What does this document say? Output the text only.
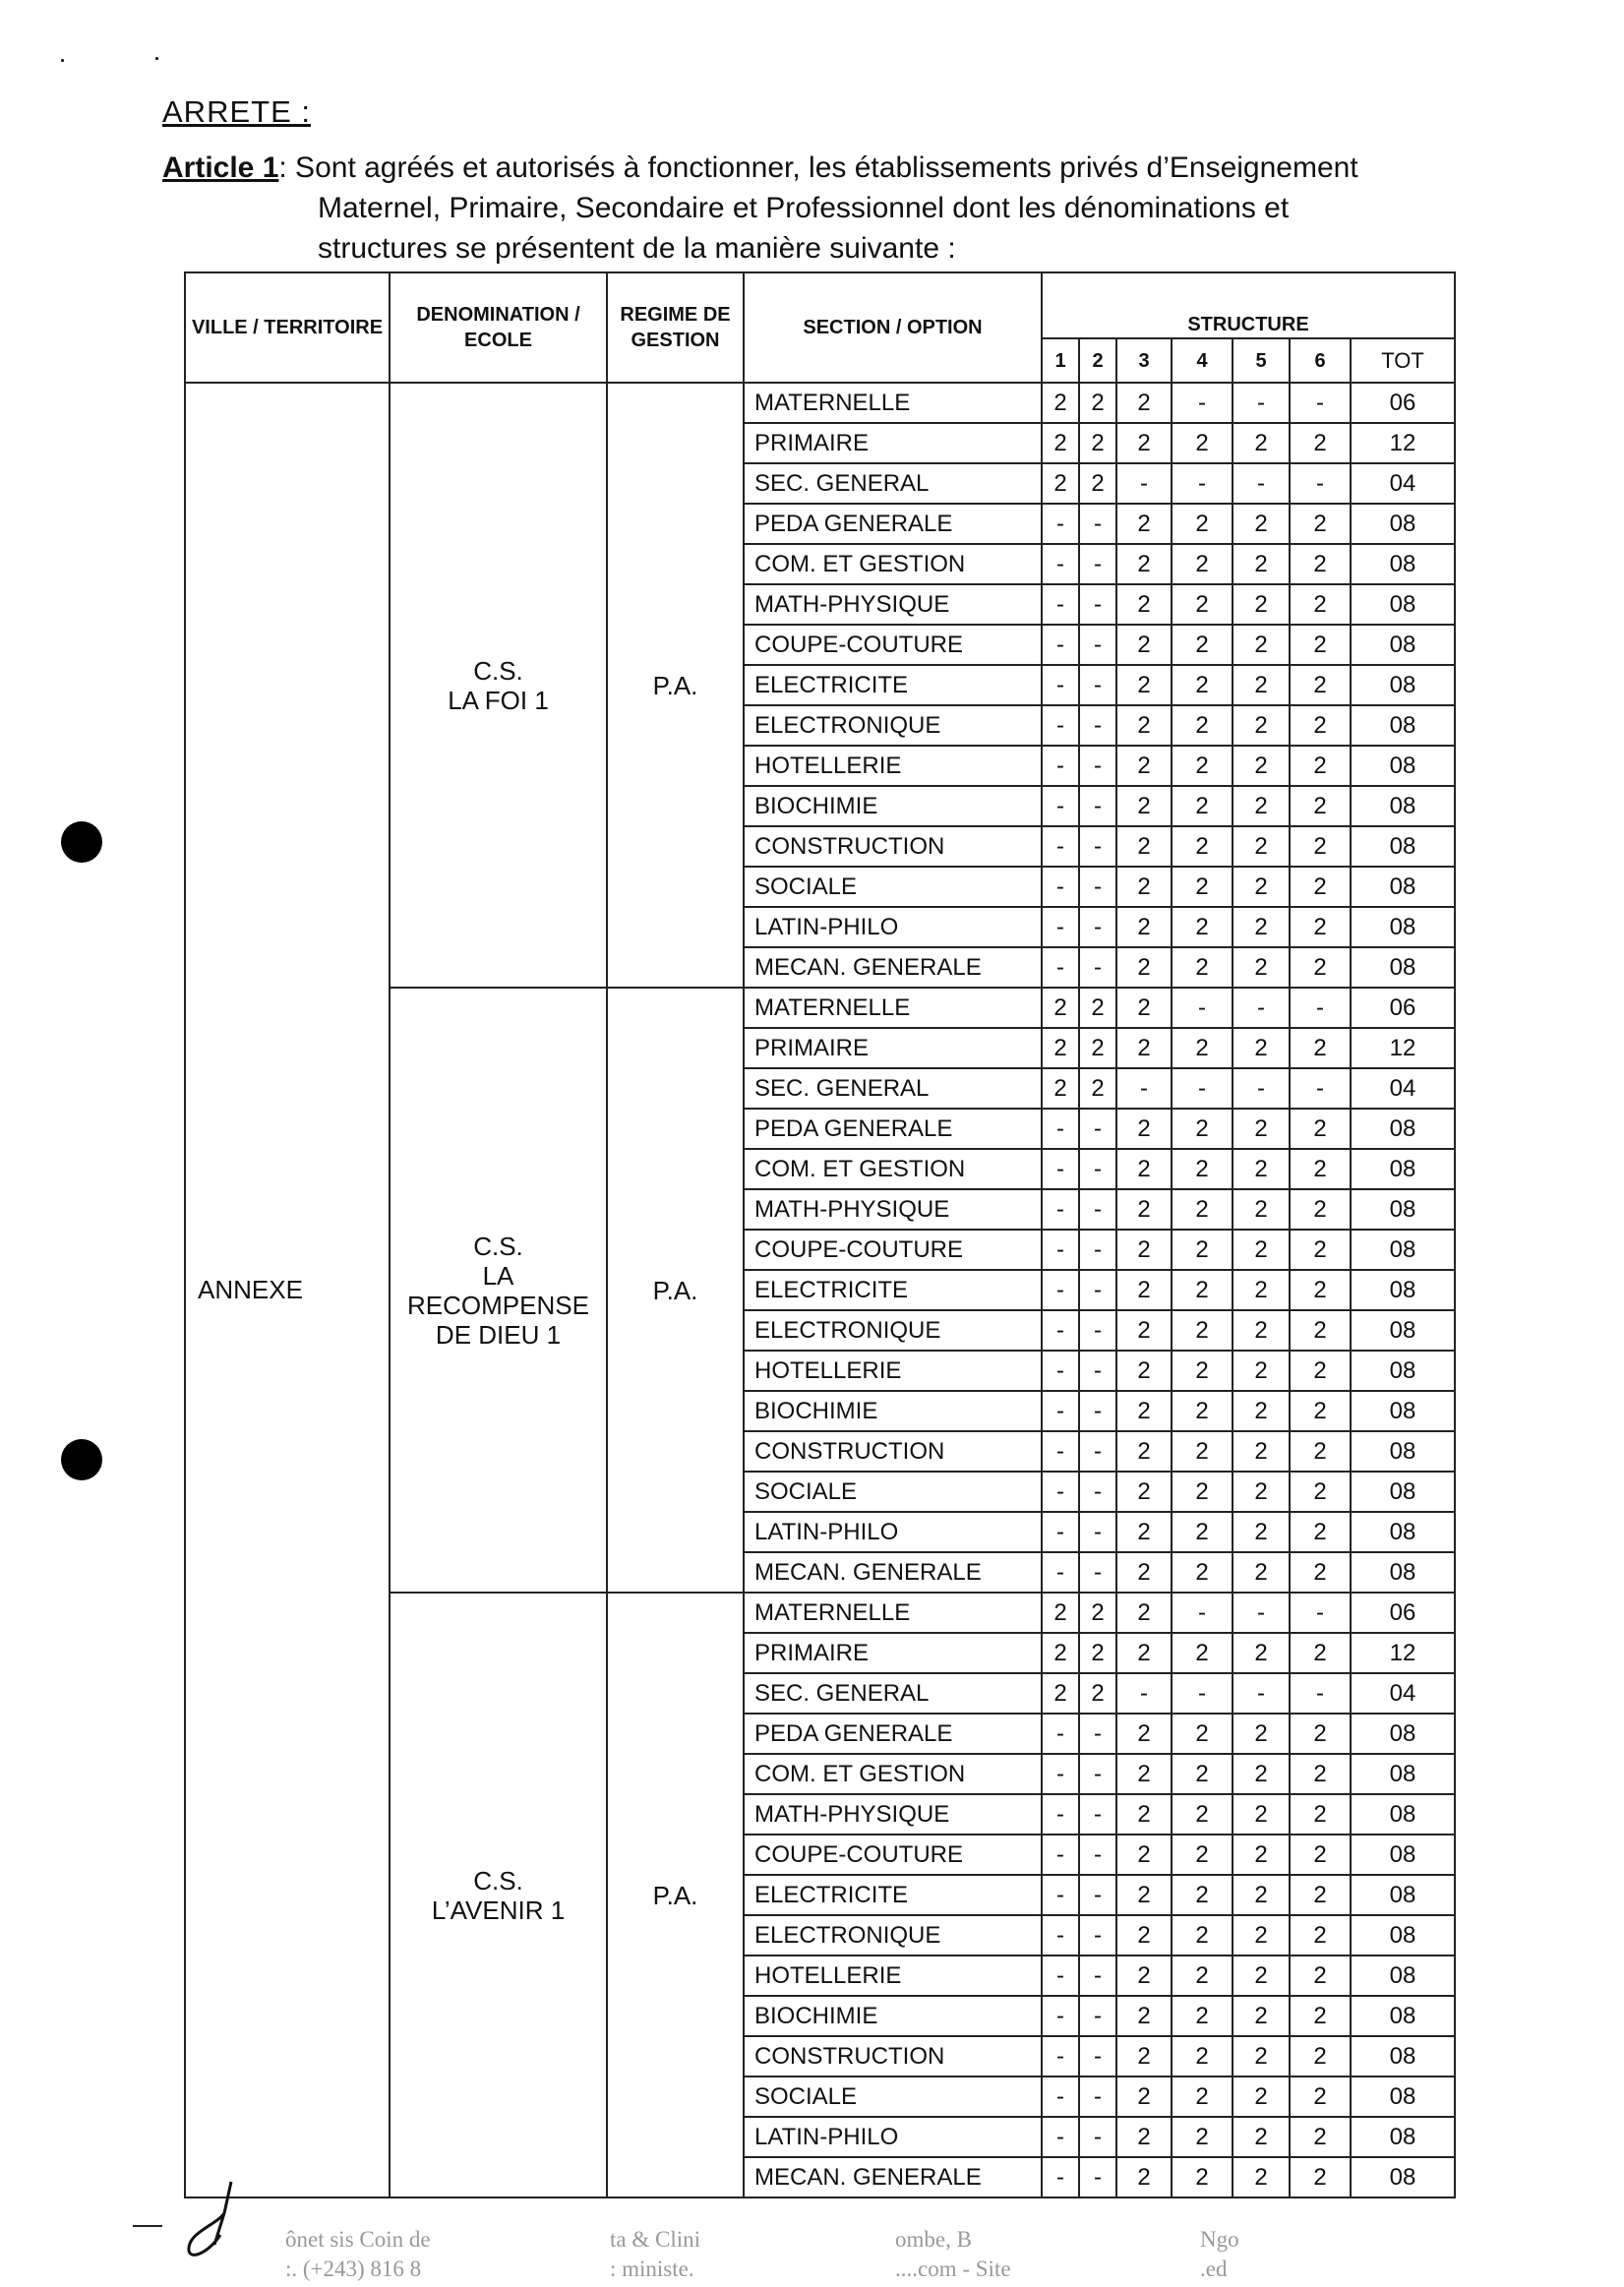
ARRETE :
Article 1: Sont agréés et autorisés à fonctionner, les établissements privés d’Enseignement
Maternel, Primaire, Secondaire et Professionnel dont les dénominations et
structures se présentent de la manière suivante :
VILLE / TERRITOIRE	DENOMINATION / ECOLE	REGIME DE GESTION	SECTION / OPTION	STRUCTURE						
				1	2	3	4	5	6	TOT
ANNEXE	C.S.
LA FOI 1	P.A.	MATERNELLE	2	2	2	-	-	-	06
			PRIMAIRE	2	2	2	2	2	2	12
			SEC. GENERAL	2	2	-	-	-	-	04
			PEDA GENERALE	-	-	2	2	2	2	08
			COM. ET GESTION	-	-	2	2	2	2	08
			MATH-PHYSIQUE	-	-	2	2	2	2	08
			COUPE-COUTURE	-	-	2	2	2	2	08
			ELECTRICITE	-	-	2	2	2	2	08
			ELECTRONIQUE	-	-	2	2	2	2	08
			HOTELLERIE	-	-	2	2	2	2	08
			BIOCHIMIE	-	-	2	2	2	2	08
			CONSTRUCTION	-	-	2	2	2	2	08
			SOCIALE	-	-	2	2	2	2	08
			LATIN-PHILO	-	-	2	2	2	2	08
			MECAN. GENERALE	-	-	2	2	2	2	08

	C.S.
LA
RECOMPENSE
DE DIEU 1	P.A.	MATERNELLE	2	2	2	-	-	-	06
			PRIMAIRE	2	2	2	2	2	2	12
			SEC. GENERAL	2	2	-	-	-	-	04
			PEDA GENERALE	-	-	2	2	2	2	08
			COM. ET GESTION	-	-	2	2	2	2	08
			MATH-PHYSIQUE	-	-	2	2	2	2	08
			COUPE-COUTURE	-	-	2	2	2	2	08
			ELECTRICITE	-	-	2	2	2	2	08
			ELECTRONIQUE	-	-	2	2	2	2	08
			HOTELLERIE	-	-	2	2	2	2	08
			BIOCHIMIE	-	-	2	2	2	2	08
			CONSTRUCTION	-	-	2	2	2	2	08
			SOCIALE	-	-	2	2	2	2	08
			LATIN-PHILO	-	-	2	2	2	2	08
			MECAN. GENERALE	-	-	2	2	2	2	08

	C.S.
L’AVENIR 1	P.A.	MATERNELLE	2	2	2	-	-	-	06
			PRIMAIRE	2	2	2	2	2	2	12
			SEC. GENERAL	2	2	-	-	-	-	04
			PEDA GENERALE	-	-	2	2	2	2	08
			COM. ET GESTION	-	-	2	2	2	2	08
			MATH-PHYSIQUE	-	-	2	2	2	2	08
			COUPE-COUTURE	-	-	2	2	2	2	08
			ELECTRICITE	-	-	2	2	2	2	08
			ELECTRONIQUE	-	-	2	2	2	2	08
			HOTELLERIE	-	-	2	2	2	2	08
			BIOCHIMIE	-	-	2	2	2	2	08
			CONSTRUCTION	-	-	2	2	2	2	08
			SOCIALE	-	-	2	2	2	2	08
			LATIN-PHILO	-	-	2	2	2	2	08
			MECAN. GENERALE	-	-	2	2	2	2	08
ônet sis Coin de	ta & Clini	ombe, B	Ngo
:. (+243) 816 8	: ministe.	....com - Site	.ed
